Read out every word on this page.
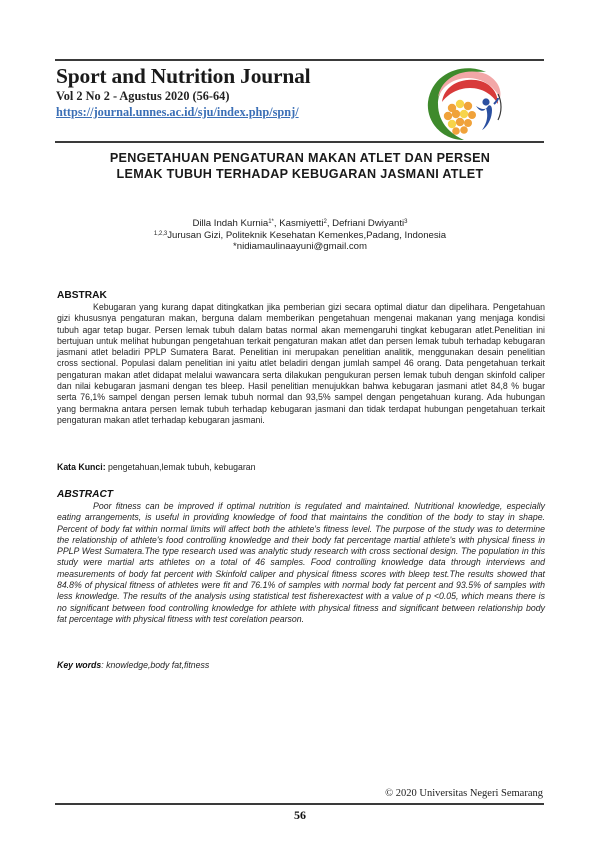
Sport and Nutrition Journal
Vol 2 No 2 - Agustus 2020 (56-64)
https://journal.unnes.ac.id/sju/index.php/spnj/
PENGETAHUAN PENGATURAN MAKAN ATLET DAN PERSEN
LEMAK TUBUH TERHADAP KEBUGARAN JASMANI ATLET
Dilla Indah Kurnia$^{1*}$, Kasmiyetti$^2$, Defriani Dwiyanti$^3$
$^{1,2,3}$Jurusan Gizi, Politeknik Kesehatan Kemenkes,Padang, Indonesia
*nidiamaulinaayuni@gmail.com
ABSTRAK
Kebugaran yang kurang dapat ditingkatkan jika pemberian gizi secara optimal diatur dan dipelihara. Pengetahuan gizi khususnya pengaturan makan, berguna dalam memberikan pengetahuan mengenai makanan yang menjaga kondisi tubuh agar tetap bugar. Persen lemak tubuh dalam batas normal akan memengaruhi tingkat kebugaran atlet.Penelitian ini bertujuan untuk melihat hubungan pengetahuan terkait pengaturan makan atlet dan persen lemak tubuh terhadap kebugaran jasmani atlet beladiri PPLP Sumatera Barat. Penelitian ini merupakan penelitian analitik, menggunakan desain penelitian cross sectional. Populasi dalam penelitian ini yaitu atlet beladiri dengan jumlah sampel 46 orang. Data pengetahuan terkait pengaturan makan atlet didapat melalui wawancara serta dilakukan pengukuran persen lemak tubuh dengan skinfold caliper dan nilai kebugaran jasmani dengan tes bleep. Hasil penelitian menujukkan bahwa kebugaran jasmani atlet 84,8 % bugar serta 76,1% sampel dengan persen lemak tubuh normal dan 93,5% sampel dengan pengetahuan kurang. Ada hubungan yang bermakna antara persen lemak tubuh terhadap kebugaran jasmani dan tidak terdapat hubungan pengetahuan terkait pengaturan makan atlet terhadap kebugaran jasmani.
Kata Kunci: pengetahuan,lemak tubuh, kebugaran
ABSTRACT
Poor fitness can be improved if optimal nutrition is regulated and maintained. Nutritional knowledge, especially eating arrangements, is useful in providing knowledge of food that maintains the condition of the body to stay in shape. Percent of body fat within normal limits will affect both the athlete's fitness level. The purpose of the study was to determine the relationship of athlete's food controlling knowledge and their body fat percentage martial athlete's with physical finess in PPLP West Sumatera.The type research used was analytic study research with cross sectional design. The population in this study were martial arts athletes on a total of 46 samples. Food controlling knowledge data through interviews and measurements of body fat percent with Skinfold caliper and physical fitness scores with bleep test.The results showed that 84.8% of physical fitness of athletes were fit and 76.1% of samples with normal body fat percent and 93.5% of samples with less knowledge. The results of the analysis using statistical test fisherexactest with a value of p <0.05, which means there is no significant between food controlling knowledge for athlete with physical fitness and significant between relationship body fat percentage with physical fitness with test corelation pearson.
Key words: knowledge,body fat,fitness
© 2020 Universitas Negeri Semarang
56
